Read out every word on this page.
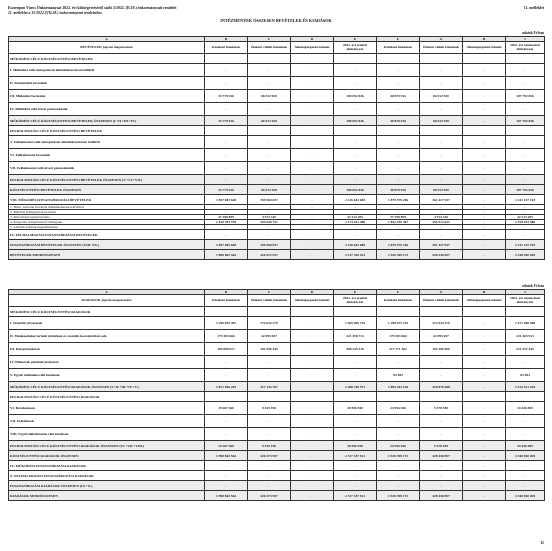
Esztergom Város Önkormányzat 2022. évi költségvetéséről szóló 2/2022. (II.10.) önkormányzati rendelet
11. melléklet a 15/2022.(VII.28.) önkormányzati rendelethez
11. melléklet
INTÉZMÉNYEK ÖSSZESEN BEVÉTELEK ÉS KIADÁSOK
adatok Ft-ban
A	B	C	D	E	F	G	H	I
BEVÉTELEK jogcím megnevezése	Kötelező feladatok	Önként vállalt feladatok	Államigazgatási feladat	2022. évi eredeti előirányzat	Kötelező feladatok	Önként vállalt feladatok	Államigazgatási feladat	2022. évi módosított előirányzat
MŰKÖDÉSI CÉLÚ KÖLTSÉGVETÉSI BEVÉTELEK								
I. Működési célú támogatások államháztartáson belülről	-	-	-	-	-	-	-	-
II. Közhatalmi bevételek	-	-	-	-	-	-	-	-
III. Működési bevételek	33 779 916	66 912 920	-	100 692 836	40 879 916	66 912 920	-	107 792 836
IV. Működési célú átvett pénzeszközök	-	-	-	-	-	-	-	-
MŰKÖDÉSI CÉLÚ KÖLTSÉGVETÉSI BEVÉTELEK ÖSSZESEN (I.+II.+III.+IV.)	33 779 916	66 912 920	-	100 692 836	40 879 916	66 912 920	-	107 792 836
FELHALMOZÁSI CÉLÚ KÖLTSÉGVETÉSI BEVÉTELEK								
V. Felhalmozási célú támogatások államháztartáson belülről	-	-	-	-	-	-	-	-
VI. Felhalmozási bevételek	-	-	-	-	-	-	-	-
VII. Felhalmozási célú átvett pénzeszközök	-	-	-	-	-	-	-	-
FELHALMOZÁSI CÉLÚ KÖLTSÉGVETÉSI BEVÉTELEK ÖSSZESEN (V.+VI.+VII.)	-	-	-	-	-	-	-	-
KÖLTSÉGVETÉSI BEVÉTELEK ÖSSZESEN	33 779 916	66 912 920	-	100 692 836	40 879 916	66 912 920	-	107 792 836
VIII. MŰKÖDÉSI FINANSZÍROZÁSI BEVÉTELEK	1 857 083 648	359 560 037	-	2 216 643 685	1 879 579 256	361 427 937	-	2 241 147 193
1. Hitel-, kölcsön felvétele államháztartáson kívülről	-	-	-	-	-	-	-	-
2. Belföldi értékpapírok bevétele	-	-	-	-	-	-	-	-
3. Maradvány igénybevétele	37 298 859	4 914 316	-	42 213 205	37 298 859	4 914 316	-	42 213 205
4. Központi, irányítószervi támogatás	1 819 784 759	354 646 721	-	2 174 431 480	1 842 420 367	356 513 621	-	2 198 933 988
5. Lekötött betétek megszüntetése	-	-	-	-	-	-	-	-
IX. FELHALMOZÁSI FINANSZÍROZÁSI BEVÉTELEK	-	-	-	-	-	-	-	-
FINANSZÍROZÁSI BEVÉTELEK ÖSSZESEN (VIII.+IX.)	1 857 083 648	359 560 037	-	2 216 643 685	1 879 579 256	361 427 937	-	2 241 147 193
BEVÉTELEK MINDÖSSZESEN	1 890 863 564	426 472 957	-	2 317 336 521	1 920 399 172	428 340 857	-	2 348 940 029
adatok Ft-ban
A	B	C	D	E	F	G	H	I
KIADÁSOK jogcím megnevezése	Kötelező feladatok	Önként vállalt feladatok	Államigazgatási feladat	2022. évi eredeti előirányzat	Kötelező feladatok	Önként vállalt feladatok	Államigazgatási feladat	2022. évi módosított előirányzat
MŰKÖDÉSI CÉLÚ KÖLTSÉGVETÉSI KIADÁSOK								
I. Személyi juttatások	1 296 853 467	272 643 279	-	1 569 496 742	1 298 675 225	272 643 279	-	1 571 288 500
II. Munkaadókat terhelő járulékok és szociális hozzájárulási adó	179 303 666	42 095 047	-	221 398 713	179 303 666	42 095 047	-	221 403 913
III. Dologi kiadások	395 089 071	102 456 445	-	498 245 516	417 371 462	104 166 906	-	521 537 445
IV. Ellátottak pénzbeli juttatásai	-	-	-	-	-	-	-	-
V. Egyéb működési célú kiadások	-	-	-	-	83 583	-	-	83 583
MŰKÖDÉSI CÉLÚ KÖLTSÉGVETÉSI KIADÁSOK ÖSSZESEN (I.+II.+III.+IV.+V.)	1 871 596 204	417 144 767	-	2 288 740 971	1 895 443 136	418 878 388	-	2 314 321 444
FELHALMOZÁSI CÉLÚ KÖLTSÉGVETÉSI KIADÁSOK								
VI. Beruházások	19 267 360	9 329 190	-	28 596 550	24 956 036	9 478 549	-	34 426 585
VII. Felújítások	-	-	-	-	-	-	-	-
VIII. Egyéb felhalmozási célú kiadások	-	-	-	-	-	-	-	-
FELHALMOZÁSI CÉLÚ KÖLTSÉGVETÉSI KIADÁSOK ÖSSZESEN (VI.+VII.+VIII.)	19 267 360	9 329 190	-	28 596 550	24 956 036	9 478 549	-	34 426 585
KÖLTSÉGVETÉSI KIADÁSOK ÖSSZESEN	1 890 863 564	426 473 957	-	2 317 337 521	1 920 399 172	428 340 857	-	2 348 940 029
IX. MŰKÖDÉSI FINANSZÍROZÁSI KIADÁSOK	-	-	-	-	-	-	-	-
X. FELHALMOZÁSI FINANSZÍROZÁSI KIADÁSOK	-	-	-	-	-	-	-	-
FINANSZÍROZÁSI KIADÁSOK ÖSSZESEN (IX.+X.)	-	-	-	-	-	-	-	-
KIADÁSOK MINDÖSSZESEN	1 890 863 564	426 473 957	-	2 317 337 521	1 920 399 172	428 340 857	-	2 348 940 029
11
